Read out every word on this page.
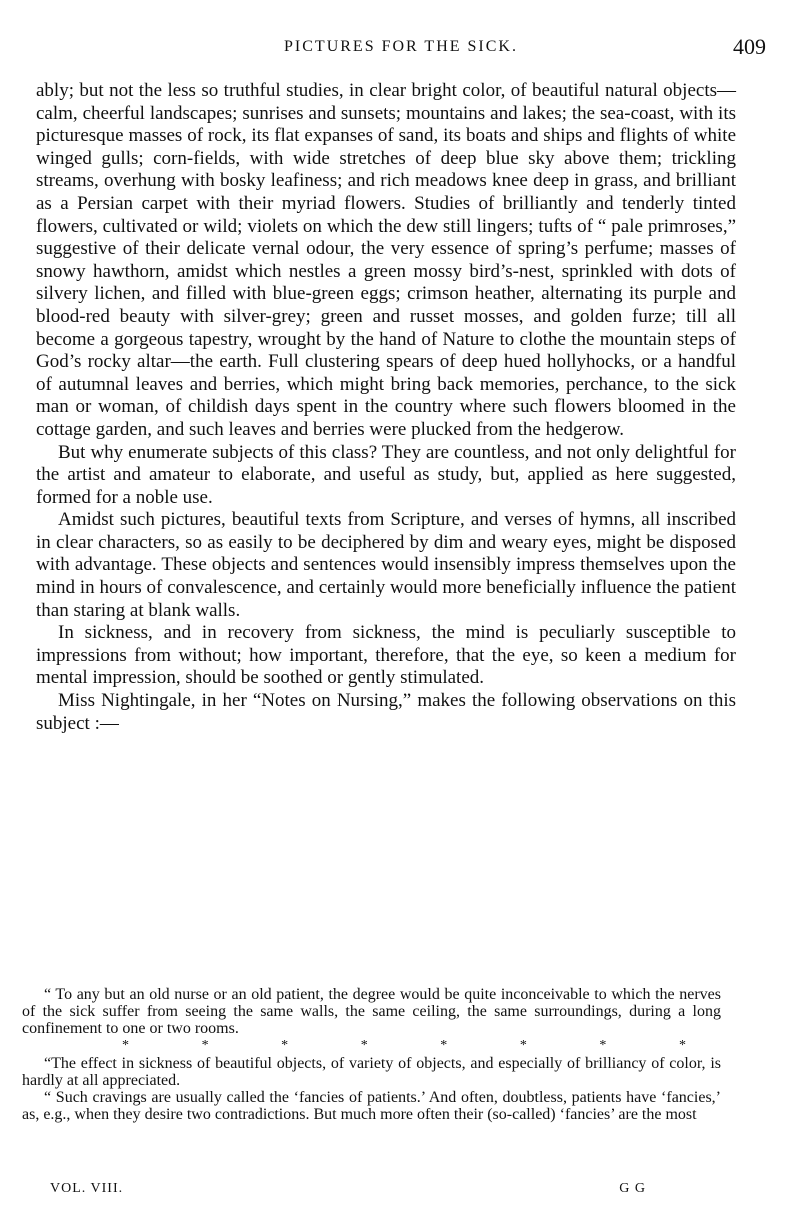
PICTURES FOR THE SICK.	409

ably; but not the less so truthful studies, in clear bright color, of beautiful natural objects—calm, cheerful landscapes; sunrises and sunsets; mountains and lakes; the sea-coast, with its picturesque masses of rock, its flat expanses of sand, its boats and ships and flights of white winged gulls; corn-fields, with wide stretches of deep blue sky above them; trickling streams, overhung with bosky leafiness; and rich meadows knee deep in grass, and brilliant as a Persian carpet with their myriad flowers. Studies of brilliantly and tenderly tinted flowers, cultivated or wild; violets on which the dew still lingers; tufts of “ pale primroses,” suggestive of their delicate vernal odour, the very essence of spring’s perfume; masses of snowy hawthorn, amidst which nestles a green mossy bird’s-nest, sprinkled with dots of silvery lichen, and filled with blue-green eggs; crimson heather, alternating its purple and blood-red beauty with silver-grey; green and russet mosses, and golden furze; till all become a gorgeous tapestry, wrought by the hand of Nature to clothe the mountain steps of God’s rocky altar—the earth. Full clustering spears of deep hued hollyhocks, or a handful of autumnal leaves and berries, which might bring back memories, perchance, to the sick man or woman, of childish days spent in the country where such flowers bloomed in the cottage garden, and such leaves and berries were plucked from the hedgerow.

But why enumerate subjects of this class? They are countless, and not only delightful for the artist and amateur to elaborate, and useful as study, but, applied as here suggested, formed for a noble use.

Amidst such pictures, beautiful texts from Scripture, and verses of hymns, all inscribed in clear characters, so as easily to be deciphered by dim and weary eyes, might be disposed with advantage. These objects and sentences would insensibly impress themselves upon the mind in hours of convalescence, and certainly would more beneficially influence the patient than staring at blank walls.

In sickness, and in recovery from sickness, the mind is peculiarly susceptible to impressions from without; how important, therefore, that the eye, so keen a medium for mental impression, should be soothed or gently stimulated.

Miss Nightingale, in her “Notes on Nursing,” makes the following observations on this subject :—

“ To any but an old nurse or an old patient, the degree would be quite inconceivable to which the nerves of the sick suffer from seeing the same walls, the same ceiling, the same surroundings, during a long confinement to one or two rooms.

*	*	*	*	*	*	*	*

“The effect in sickness of beautiful objects, of variety of objects, and especially of brilliancy of color, is hardly at all appreciated.

“ Such cravings are usually called the ‘fancies of patients.’ And often, doubtless, patients have ‘fancies,’ as, e.g., when they desire two contradictions. But much more often their (so-called) ‘fancies’ are the most

VOL. VIII.	G G
